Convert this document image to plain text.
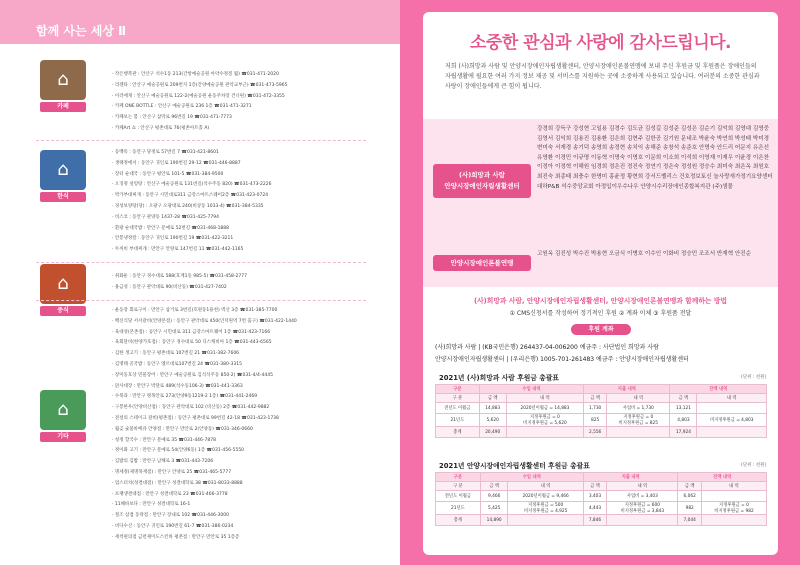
함께 사는 세상 Ⅱ
⌂
카페
⌂
한식
⌂
중식
⌂
기타
· 작은행복관 : 안산구 석수1동 213(간항예술공원 아약수정질 월) ☎031-471-2020
· 리젠타 : 안산구 예술공원로 209번지 1층(간양예술공원 관악교부근) ☎031-473-5965
· 이러에게 : 안산구 예술공원로 122-2(예술공원 운동주차장 건너편) ☎031-472-3355
· 카페 ONE BOTTLE : 안산구 예술공원로 236 1층 ☎031-471-3271
· 카페보는 봄 : 안산구 삼막로 96번길 19 ☎031-471-7773
· 카페Art 쇼 : 안산구 평촌대로 76(평촌아트홀 A)
· 동백록 : 동안구 당정로 57번길 7 ☎031-421-8601
· 생태정에서 : 동안구 귀인로 190번길 29-12 ☎031-446-8887
· 장터 순대국 : 동안구 평안로 101-5 ☎031-384-9500
· 오징정 설렁탕 : 안산구 예술공원로 131번길(석수주동 820) ☎031-473-2226
· 박가부대찌개 : 동안구 시민대로311 금강스마트스퀘어2층 ☎031-423-0724
· 경성보양탕(당) : 오광구 오광대로 240(비상동 1033-4) ☎031-384-5335
· 비스코 : 동안구 관양동 1437-28 ☎031-425-7794
· 환광 순대국밥 : 만안구 문예로 52번길 ☎031-468-1888
· 안봉냉정칼 : 동안구 귀인로 190번길 19 ☎031-422-3211
· 두꺼비 부대찌개 : 만안구 안양로 147번길 11 ☎031-442-1165
· 취화둔 : 동안구 경수대로 588(호계1동 985-5) ☎031-458-2777
· 용금성 : 동안구 관악대로 90(비산동) ☎031-427-7402
· 운동장 회로구이 : 만안구 삼거로 3번길(호원동1용천) 벽산 3층 ☎031-385-7700
· 백신식당 서서갈비(안양본점) : 동안구 관악대로 450(인덕원역 7번 출구) ☎031-422-1440
· 육대성(본촌점) : 동안구 시민대로 311 금강스마트퀘어 1층 ☎031-423-7166
· 육회달비(한양가호점) : 동안구 경수대로 50 디스캐비아 1층 ☎031-443-6565
· 김한 생고기 : 동안구 평촌대로 107번길 21 ☎031-382-7606
· 김명태 골국밥 : 동안구 엘르대로107번길 24 ☎031-380-3315
· 장미동호상 민물장어 : 만안구 예술공원로 김석석주동 850-2) ☎031-4/4-4445
· 닭사대장 : 만안구 박달로 489(석수동106-3) ☎031-441-3363
· 수북과 : 만안구 병목안로 273(안양9동1219-2 1층) ☎031-441-2469
· 구봉한우(안양비산점) : 동안구 관악대로 102 (비산동) 2층 ☎031-442-9882
· 전설의 스테이크 갈비(평촌점) : 동안구 평촌대로 99번길 42-18 ☎031-423-1738
· 월곶 숯불바베큐 안양점 : 만안구 만안로 2(안양동) ☎031-346-0660
· 청정 할국수 : 만안구 문예로 35 ☎031-446-7878
· 정이화 고기 : 만안구 문예로 54(안양6동) 1층 ☎031-456-5550
· 김밥의 김밥 : 만안구 남해로 3 ☎031-443-7206
· 명세정(제명목재점) : 만안구 안양로 25 ☎031-465-5777
· 엄스터치(성결대점) : 만안구 성결대학로 38 ☎031-8033-8888
· 프랭생결대점 : 만안구 성결대학로 23 ☎031-466-3778
· 11해바보다 : 만안구 성결대학로 16-1
· 철조 삼겹 동락점 : 만안구 장내로 102 ☎031-446-3000
· 비다수산 : 동안구 귀인로 190번길 61-7 ☎031-386-0234
· 세척편의점 금련제이도스킨바 평촌점 : 만안구 만안로 35 1층층
소중한 관심과 사랑에 감사드립니다.
저희 (사)희망과 사람 및 안양시장애인자립생활센터, 안양시장애인론볼연맹에 보내 주신 후원금 및 후원품은 장애인들의 자립생활에 필요한 여러 가지 정보 제공 및 서비스를 지원하는 곳에 소중하게 사용되고 있습니다. 여러분의 소중한 관심과 사랑이 장애인들에게 큰 힘이 됩니다.
(사)희망과 사람
안양시장애인자립생활센터
강경희 강득구 강성현 고일용 김경수 김도균 김성길 김성준 김성은 김순기 김억희 김영대 김영중 김영서 김익희 김용진 김용환 김은희 김현주 김한공 김기원 문네조 박윤숙 박연희 박성태 박미경 변미숙 서재경 송기덕 송영희 송정현 송치익 송해준 송창석 송준호 안명숙 안드리 어문지 유은선 유영환 이경민 이규명 이동혁 이명숙 이명호 이문희 이소희 이석희 이영재 이재우 이윤경 이은찬 이정아 이정혁 이해원 임경희 정은진 정진숙 정연기 정은숙 정성원 정승수 최미숙 최은옥 최원호 최진숙 최종태 최충수 한명미 홍윤정 황현희 강서드벨리스 건호정보토신 놀사랑새가정기요양센터 대하P&B 석수중앙교회 아정입이우수나우 안양시수리장애인종합복지관 (주)샘물
안양시장애인론볼연맹
고원옥 김진성 박수진 박용현 오금식 이병호 이수인 이화비 정승민 조조서 반재혁 안진순
(사)희망과 사람, 안양시장애인자립생활센터, 안양시장애인론볼연맹과 함께하는 방법
① CMS신청서를 작성하여 정기적인 후원 ② 계좌 이체 ③ 후원품 전달
후원 계좌
(사)희망과 사람 | (KB국민은행) 264437-04-006200 예금주 : 사단법인 희망과 사람
안양시장애인자립생활센터 | (우리은행) 1005-701-261483 예금주 : 안양시장애인자립생활센터
2021년 (사)희망과 사람 후원금 총괄표	(단위 : 천원)
구분	수입 내역		지출 내역		잔액 내역	
구 분	금 액	내 역	금 액	내 역	금 액	내 역
전년도 이월금	14,883	2020년이월금 = 14,883	1,730	사업비 = 1,730	13,121	
21년도	5,620	지정후원금 = 0
비지정후원금 = 5,620	825	지정후원금 = 0
비지정후원금 = 825	4,803	비지정후원금 = 4,803
총계	20,490		2,556		17,924	
2021년 안양시장애인자립생활센터 후원금 총괄표	(단위 : 천원)
구분	수입 내역		지출 내역		잔액 내역	
구 분	금 액	내 역	금 액	내 역	금 액	내 역
전년도 이월금	9,466	2020년이월금 = 9,466	3,403	사업비 = 3,403	6,062	
21년도	5,425	지정후원금 = 500
비지정후원금 = 4,925	4,443	지정후원금 = 600
비지정후원금 = 3,843	982	지정후원금 = 0
비지정후원금 = 982
총계	14,890		7,846		7,044	
